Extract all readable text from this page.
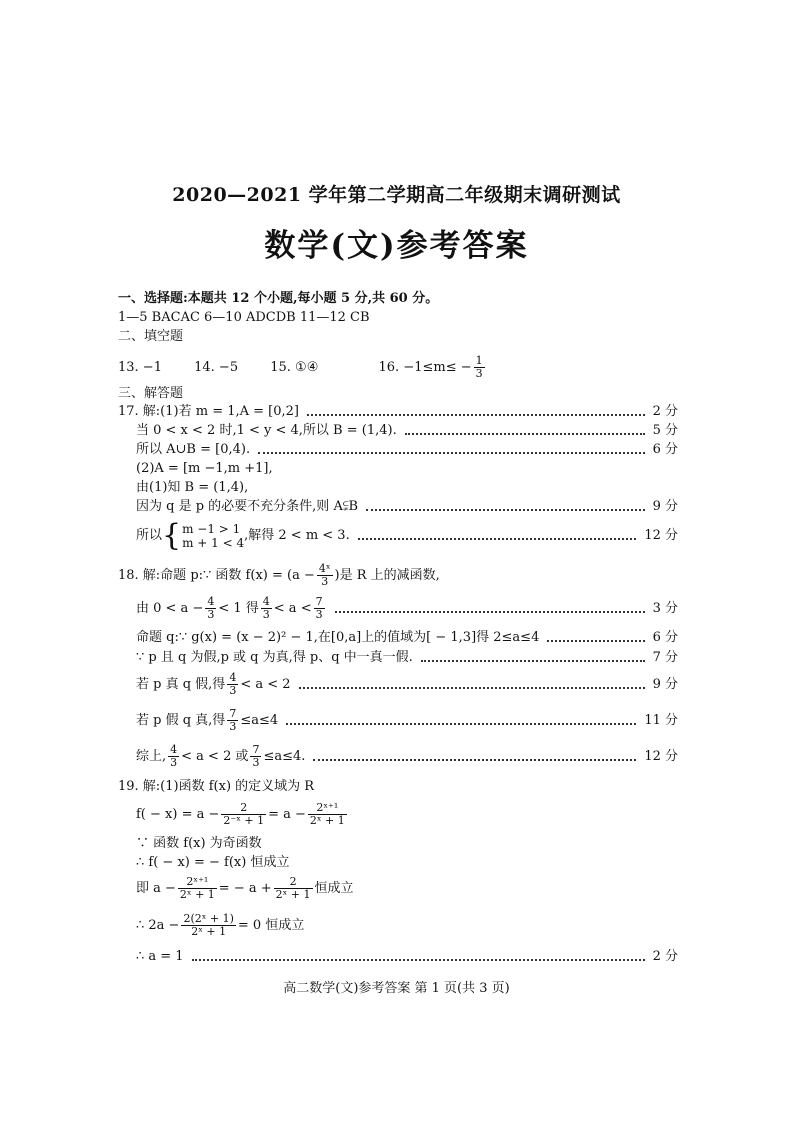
2020—2021 学年第二学期高二年级期末调研测试
数学(文)参考答案
一、选择题:本题共 12 个小题,每小题 5 分,共 60 分。
1—5 BACAC 6—10 ADCDB 11—12 CB
二、填空题
13. −1 14. −5 15. ①④	16. $-1\le m\le - \frac{1}{3}$
三、解答题
17. 解:(1)若 m = 1,A = [0,2]	2 分
当 0 < x < 2 时,1 < y < 4,所以 B = (1,4).	5 分
所以 A∪B = [0,4).	6 分
(2)A = [m −1,m +1],
由(1)知 B = (1,4),
因为 q 是 p 的必要不充分条件,则 A⫋B	9 分
所以{ m −1 > 1
m + 1 < 4 ,解得 2 < m < 3.	12 分
18. 解:命题 p:∵ 函数 $f(x) = (a - \frac{\text{4ˣ}}{3}$ )是 R 上的减函数,
由 $0 < a - \frac{4}{3} < 1$ 得 $\frac{4}{3} < a < \frac{7}{3}$	3 分
命题 q:∵ g(x) = (x − 2)² − 1,在[0,a]上的值域为[ − 1,3]得 2≤a≤4	6 分
∵ p 且 q 为假,p 或 q 为真,得 p、q 中一真一假.	7 分
若 p 真 q 假,得 $\frac{4}{3} < a < 2$	9 分
若 p 假 q 真,得 $\frac{7}{3} \le a\le 4$	11 分
综上, $\frac{4}{3} < a < 2$ 或 $\frac{7}{3} \le a\le 4$.	12 分
19. 解:(1)函数 f(x) 的定义域为 R
$f( - x) = a - \frac{2}{\text{2⁻ˣ + 1}} = a - \frac{\text{2ˣ⁺¹}}{\text{2ˣ + 1}}$
∵ 函数 f(x) 为奇函数
∴ f( − x) = − f(x) 恒成立
即 $a - \frac{\text{2ˣ⁺¹}}{\text{2ˣ + 1}}$ = − $a + \frac{2}{\text{2ˣ + 1}}$ 恒成立
∴ $2a - \frac{\text{2(2ˣ + 1)}}{\text{2ˣ + 1}} = 0$ 恒成立
∴ a = 1	2 分
高二数学(文)参考答案 第 1 页(共 3 页)
